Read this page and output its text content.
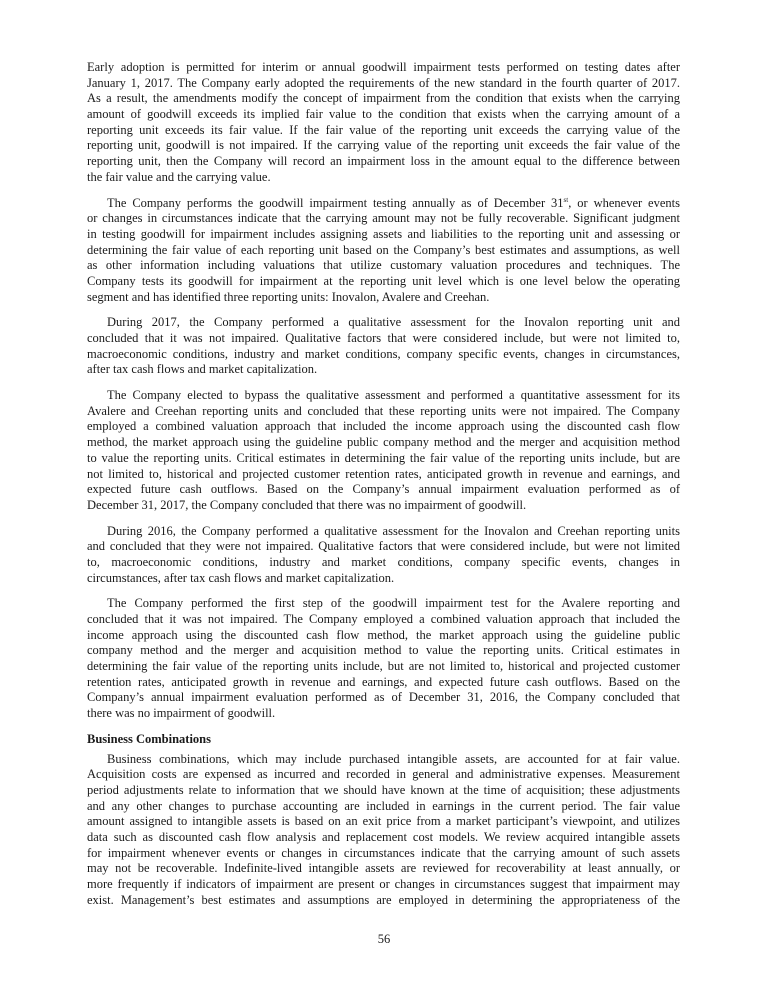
Early adoption is permitted for interim or annual goodwill impairment tests performed on testing dates after
January 1, 2017. The Company early adopted the requirements of the new standard in the fourth quarter of 2017.
As a result, the amendments modify the concept of impairment from the condition that exists when the carrying
amount of goodwill exceeds its implied fair value to the condition that exists when the carrying amount of a
reporting unit exceeds its fair value. If the fair value of the reporting unit exceeds the carrying value of the
reporting unit, goodwill is not impaired. If the carrying value of the reporting unit exceeds the fair value of the
reporting unit, then the Company will record an impairment loss in the amount equal to the difference between
the fair value and the carrying value.
The Company performs the goodwill impairment testing annually as of December 31st, or whenever events
or changes in circumstances indicate that the carrying amount may not be fully recoverable. Significant judgment
in testing goodwill for impairment includes assigning assets and liabilities to the reporting unit and assessing or
determining the fair value of each reporting unit based on the Company’s best estimates and assumptions, as well
as other information including valuations that utilize customary valuation procedures and techniques. The
Company tests its goodwill for impairment at the reporting unit level which is one level below the operating
segment and has identified three reporting units: Inovalon, Avalere and Creehan.
During 2017, the Company performed a qualitative assessment for the Inovalon reporting unit and
concluded that it was not impaired. Qualitative factors that were considered include, but were not limited to,
macroeconomic conditions, industry and market conditions, company specific events, changes in circumstances,
after tax cash flows and market capitalization.
The Company elected to bypass the qualitative assessment and performed a quantitative assessment for its
Avalere and Creehan reporting units and concluded that these reporting units were not impaired. The Company
employed a combined valuation approach that included the income approach using the discounted cash flow
method, the market approach using the guideline public company method and the merger and acquisition method
to value the reporting units. Critical estimates in determining the fair value of the reporting units include, but are
not limited to, historical and projected customer retention rates, anticipated growth in revenue and earnings, and
expected future cash outflows. Based on the Company’s annual impairment evaluation performed as of
December 31, 2017, the Company concluded that there was no impairment of goodwill.
During 2016, the Company performed a qualitative assessment for the Inovalon and Creehan reporting units
and concluded that they were not impaired. Qualitative factors that were considered include, but were not limited
to, macroeconomic conditions, industry and market conditions, company specific events, changes in
circumstances, after tax cash flows and market capitalization.
The Company performed the first step of the goodwill impairment test for the Avalere reporting and
concluded that it was not impaired. The Company employed a combined valuation approach that included the
income approach using the discounted cash flow method, the market approach using the guideline public
company method and the merger and acquisition method to value the reporting units. Critical estimates in
determining the fair value of the reporting units include, but are not limited to, historical and projected customer
retention rates, anticipated growth in revenue and earnings, and expected future cash outflows. Based on the
Company’s annual impairment evaluation performed as of December 31, 2016, the Company concluded that
there was no impairment of goodwill.
Business Combinations
Business combinations, which may include purchased intangible assets, are accounted for at fair value.
Acquisition costs are expensed as incurred and recorded in general and administrative expenses. Measurement
period adjustments relate to information that we should have known at the time of acquisition; these adjustments
and any other changes to purchase accounting are included in earnings in the current period. The fair value
amount assigned to intangible assets is based on an exit price from a market participant’s viewpoint, and utilizes
data such as discounted cash flow analysis and replacement cost models. We review acquired intangible assets
for impairment whenever events or changes in circumstances indicate that the carrying amount of such assets
may not be recoverable. Indefinite-lived intangible assets are reviewed for recoverability at least annually, or
more frequently if indicators of impairment are present or changes in circumstances suggest that impairment may
exist. Management’s best estimates and assumptions are employed in determining the appropriateness of the
56
